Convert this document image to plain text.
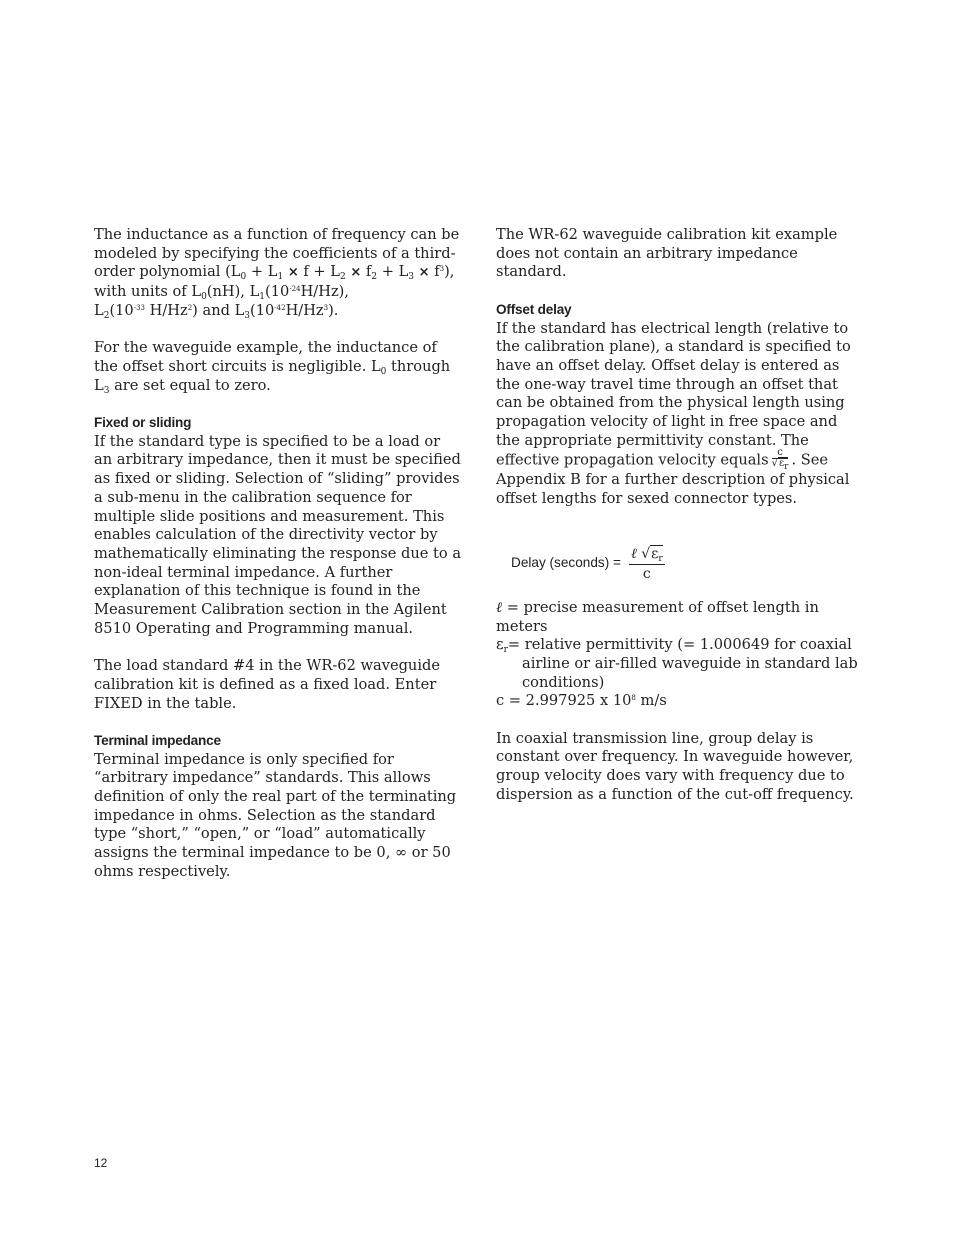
The inductance as a function of frequency can be modeled by specifying the coefficients of a third-order polynomial $(L_0 + L_1 \times f + L_2 \times f_2 + L_3 \times f^3)$,
with units of $L_0(nH)$, $L_1(10^{-24}H/Hz)$,
$L_2(10^{-33}$ H/Hz$^2$) and $L_3(10^{-42}H/Hz^3)$.

For the waveguide example, the inductance of the offset short circuits is negligible. $L_0$ through $L_3$ are set equal to zero.

Fixed or sliding

If the standard type is specified to be a load or an arbitrary impedance, then it must be specified as fixed or sliding. Selection of “sliding” provides a sub-menu in the calibration sequence for multiple slide positions and measurement. This enables calculation of the directivity vector by mathematically eliminating the response due to a non-ideal terminal impedance. A further explanation of this technique is found in the Measurement Calibration section in the Agilent 8510 Operating and Programming manual.

The load standard #4 in the WR-62 waveguide calibration kit is defined as a fixed load. Enter FIXED in the table.

Terminal impedance

Terminal impedance is only specified for “arbitrary impedance” standards. This allows definition of only the real part of the terminating impedance in ohms. Selection as the standard type “short,” “open,” or “load” automatically assigns the terminal impedance to be 0, ∞ or 50 ohms respectively.

The WR-62 waveguide calibration kit example does not contain an arbitrary impedance standard.

Offset delay

If the standard has electrical length (relative to the calibration plane), a standard is specified to have an offset delay. Offset delay is entered as the one-way travel time through an offset that can be obtained from the physical length using propagation velocity of light in free space and the appropriate permittivity constant. The effective propagation velocity equals $\frac{c}{√\varepsilon_r}$ . See Appendix B for a further description of physical offset lengths for sexed connector types.

Delay (seconds) = $\frac{\ell √\varepsilon_r}{c}$

ℓ = precise measurement of offset length in meters

$\varepsilon_r=$ relative permittivity (= 1.000649 for coaxial airline or air-filled waveguide in standard lab conditions)

c = 2.997925 x $10^8$ m/s

In coaxial transmission line, group delay is constant over frequency. In waveguide however, group velocity does vary with frequency due to dispersion as a function of the cut-off frequency.

12
